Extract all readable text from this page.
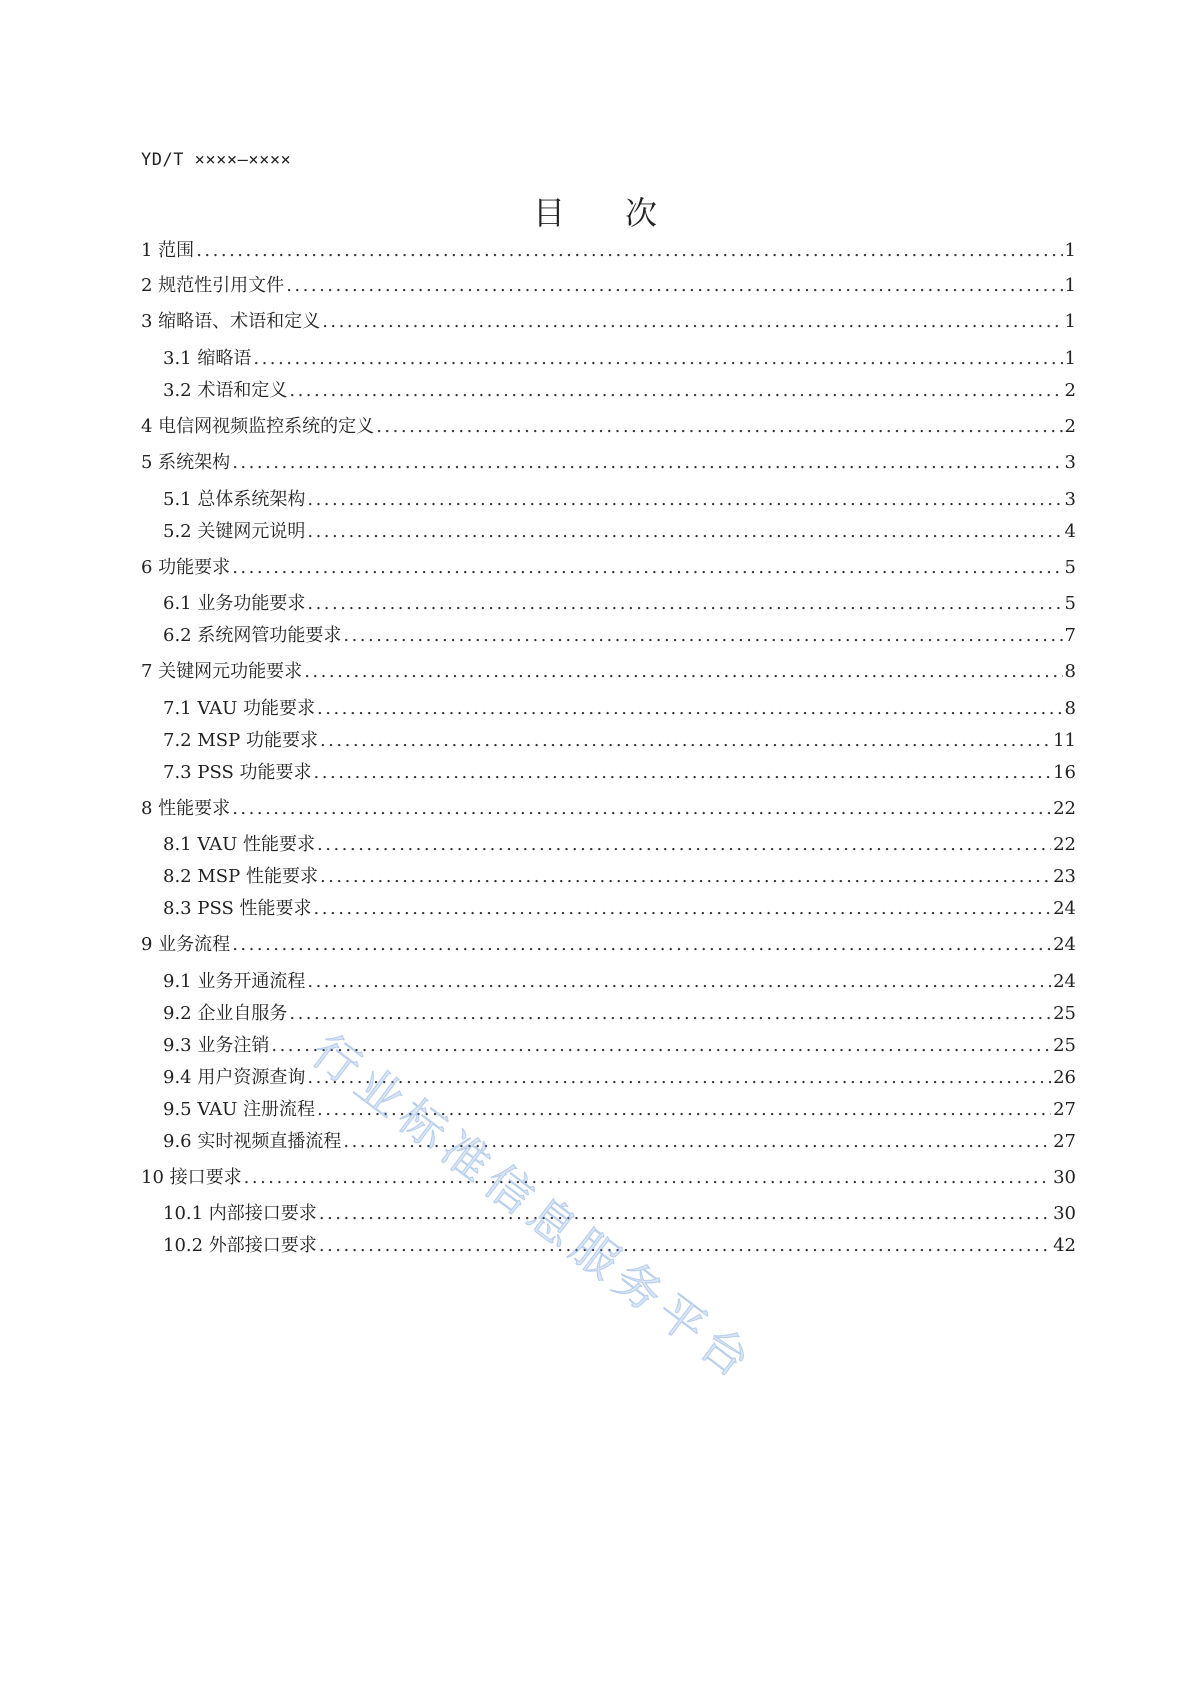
YD/T ××××—××××
目次
1 范围 .....	1
2 规范性引用文件 .....	1
3 缩略语、术语和定义 .....	1
3.1 缩略语 .....	1
3.2 术语和定义 .....	2
4 电信网视频监控系统的定义 .....	2
5 系统架构 .....	3
5.1 总体系统架构 .....	3
5.2 关键网元说明 .....	4
6 功能要求 .....	5
6.1 业务功能要求 .....	5
6.2 系统网管功能要求 .....	7
7 关键网元功能要求 .....	8
7.1 VAU 功能要求 .....	8
7.2 MSP 功能要求 .....	11
7.3 PSS 功能要求 .....	16
8 性能要求 .....	22
8.1 VAU 性能要求 .....	22
8.2 MSP 性能要求 .....	23
8.3 PSS 性能要求 .....	24
9 业务流程 .....	24
9.1 业务开通流程 .....	24
9.2 企业自服务 .....	25
9.3 业务注销 .....	25
9.4 用户资源查询 .....	26
9.5 VAU 注册流程 .....	27
9.6 实时视频直播流程 .....	27
10 接口要求 .....	30
10.1 内部接口要求 .....	30
10.2 外部接口要求 .....	42
行业标准信息服务平台
